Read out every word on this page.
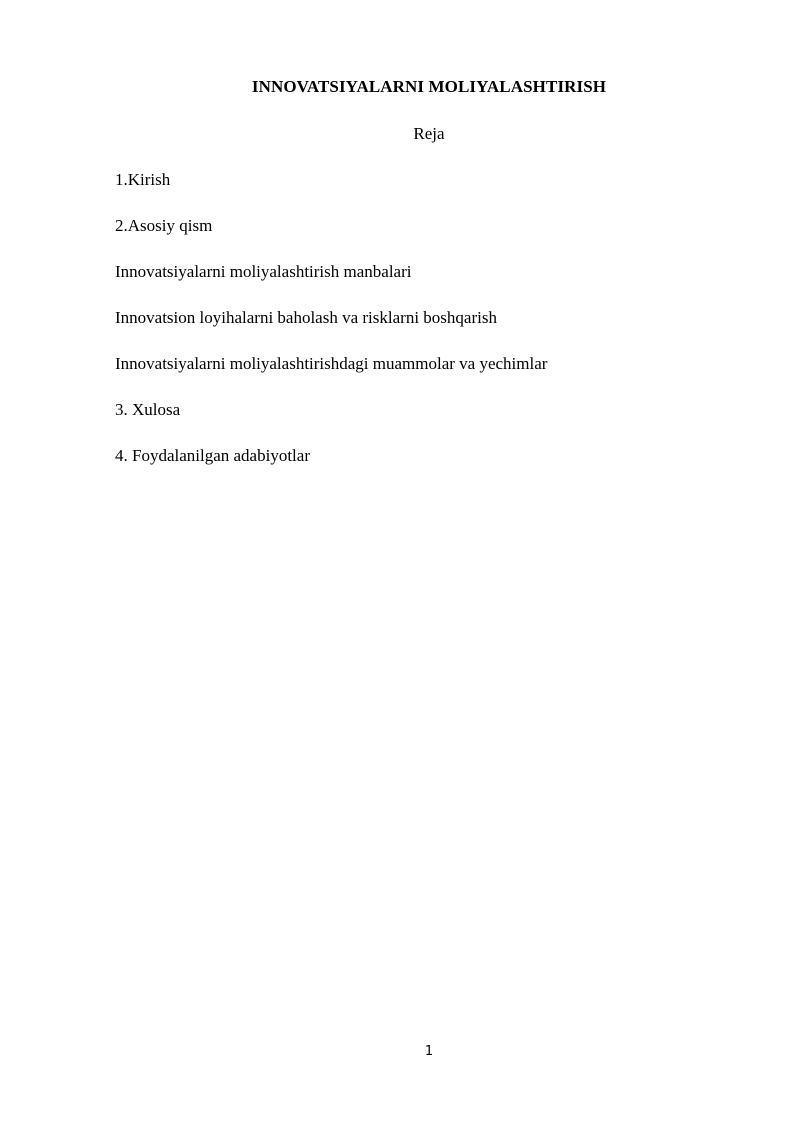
INNOVATSIYALARNI MOLIYALASHTIRISH
Reja
1.Kirish
2.Asosiy qism
Innovatsiyalarni moliyalashtirish manbalari
Innovatsion loyihalarni baholash va risklarni boshqarish
Innovatsiyalarni moliyalashtirishdagi muammolar va yechimlar
3. Xulosa
4. Foydalanilgan adabiyotlar
1
